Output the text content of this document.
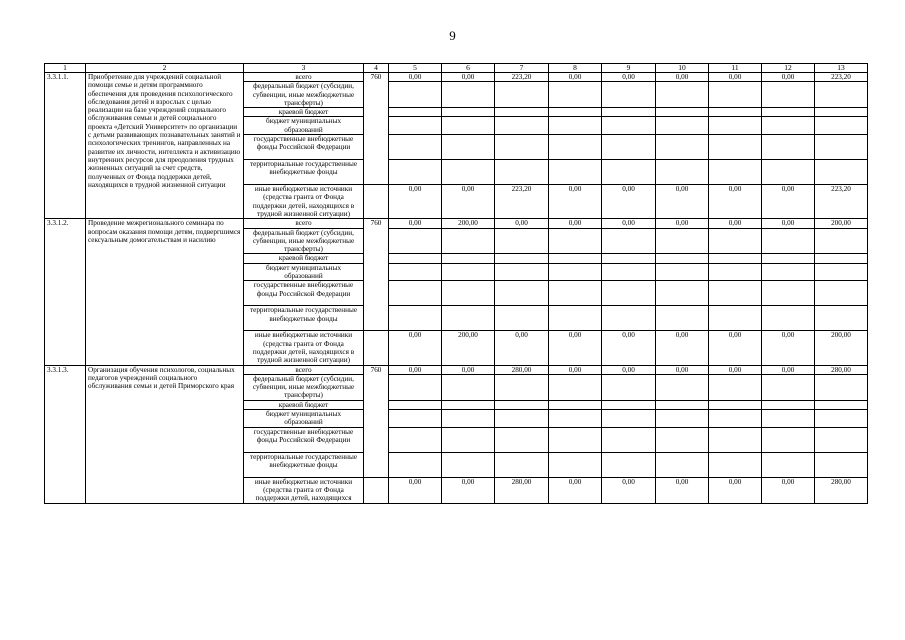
9
1	2	3	4	5	6	7	8	9	10	11	12	13
3.3.1.1.	Приобретение для учреждений социальной помощи семье и детям программного обеспечения для проведения психологического обследования детей и взрослых с целью реализации на базе учреждений социального обслуживания семьи и детей социального проекта «Детский Университет» по организации с детьми развивающих познавательных занятий и психологических тренингов, направленных на развитие их личности, интеллекта и активизацию внутренних ресурсов для преодоления трудных жизненных ситуаций за счет средств, полученных от Фонда поддержки детей, находящихся в трудной жизненной ситуации	всего	760	0,00	0,00	223,20	0,00	0,00	0,00	0,00	0,00	223,20
		федеральный бюджет (субсидии, субвенции, иные межбюджетные трансферты)										
		краевой бюджет										
		бюджет муниципальных образований										
		государственные внебюджетные фонды Российской Федерации										
		территориальные государственные внебюджетные фонды										
		иные внебюджетные источники (средства гранта от Фонда поддержки детей, находящихся в трудной жизненной ситуации)		0,00	0,00	223,20	0,00	0,00	0,00	0,00	0,00	223,20
3.3.1.2.	Проведение межрегионального семинара по вопросам оказания помощи детям, подвергшимся сексуальным домогательствам и насилию	всего	760	0,00	200,00	0,00	0,00	0,00	0,00	0,00	0,00	200,00
		федеральный бюджет (субсидии, субвенции, иные межбюджетные трансферты)										
		краевой бюджет										
		бюджет муниципальных образований										
		государственные внебюджетные фонды Российской Федерации										
		территориальные государственные внебюджетные фонды										
		иные внебюджетные источники (средства гранта от Фонда поддержки детей, находящихся в трудной жизненной ситуации)		0,00	200,00	0,00	0,00	0,00	0,00	0,00	0,00	200,00
3.3.1.3.	Организация обучения психологов, социальных педагогов учреждений социального обслуживания семьи и детей Приморского края	всего	760	0,00	0,00	280,00	0,00	0,00	0,00	0,00	0,00	280,00
		федеральный бюджет (субсидии, субвенции, иные межбюджетные трансферты)										
		краевой бюджет										
		бюджет муниципальных образований										
		государственные внебюджетные фонды Российской Федерации										
		территориальные государственные внебюджетные фонды										
		иные внебюджетные источники (средства гранта от Фонда поддержки детей, находящихся		0,00	0,00	280,00	0,00	0,00	0,00	0,00	0,00	280,00
